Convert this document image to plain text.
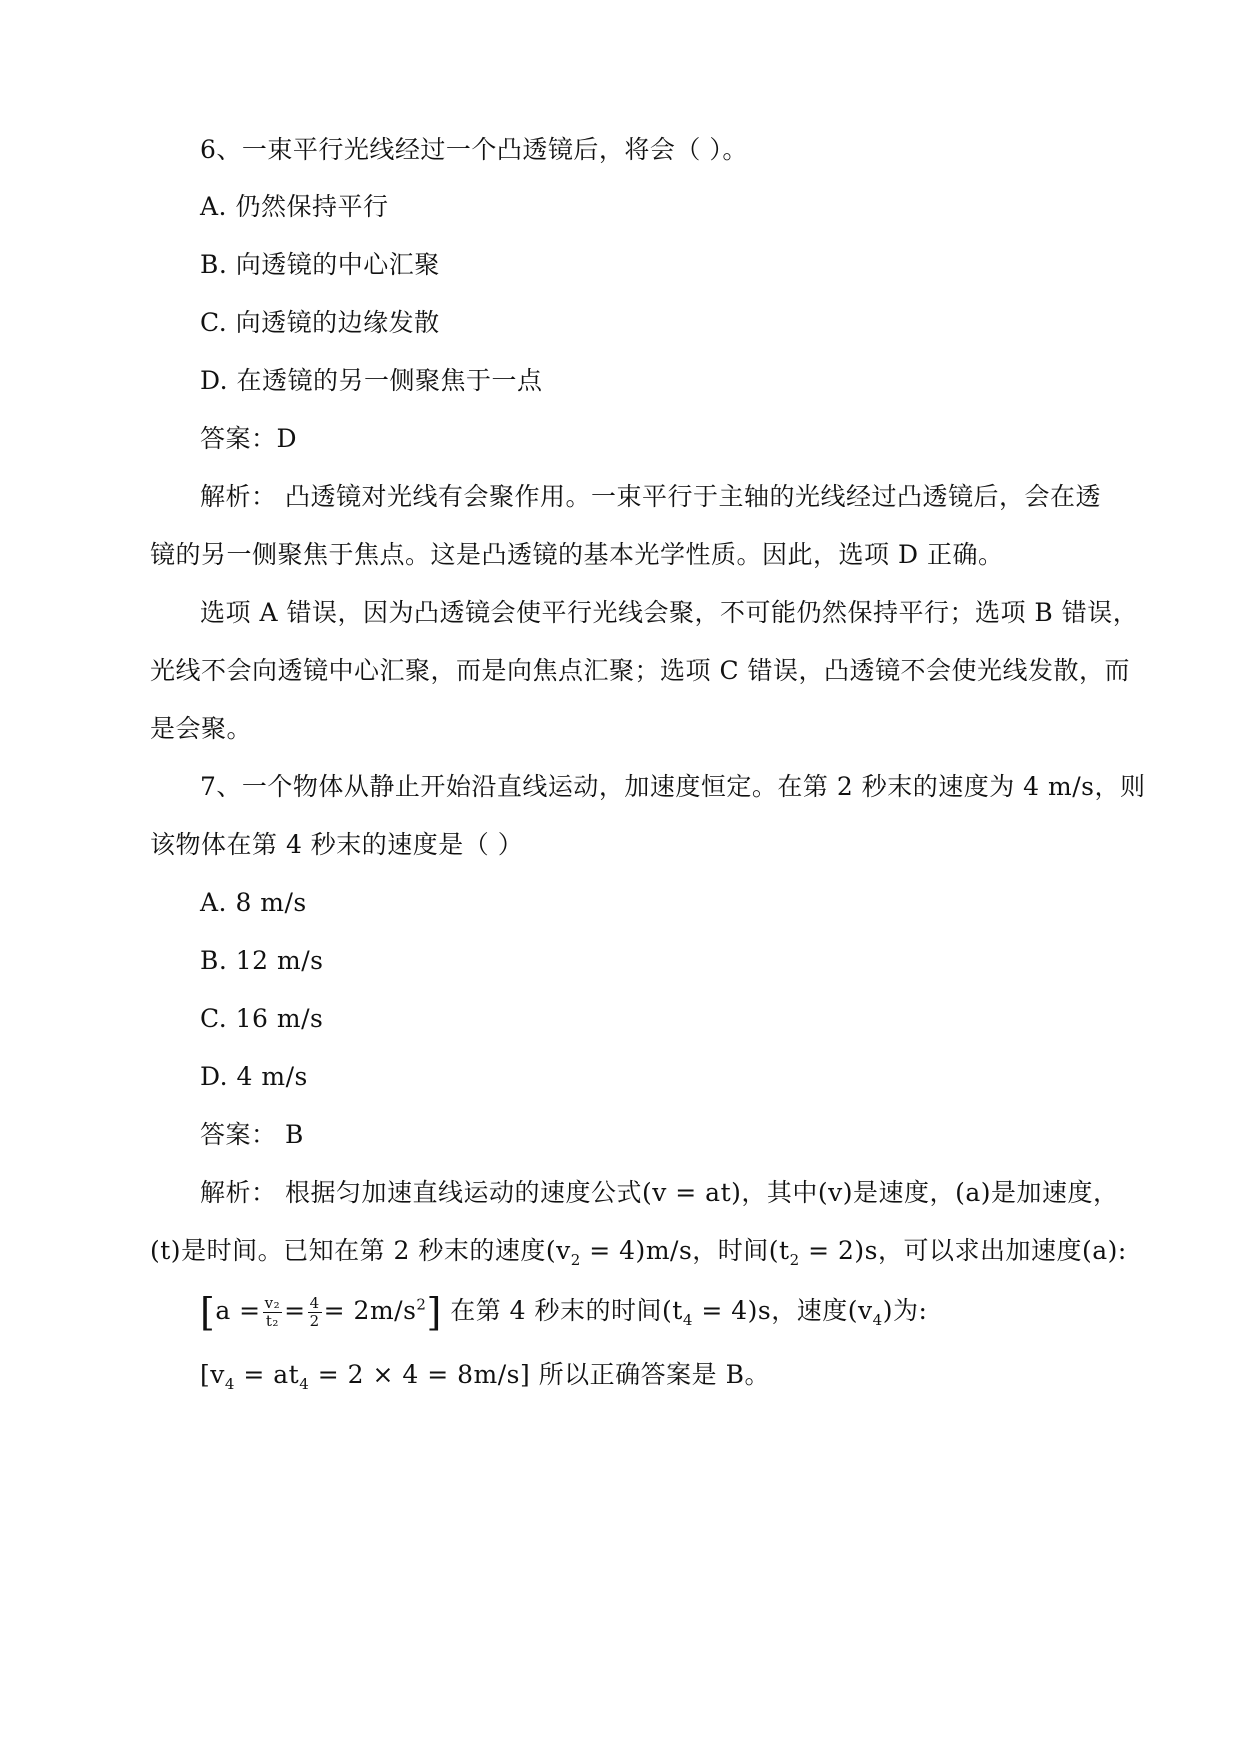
6、一束平行光线经过一个凸透镜后，将会（ ）。
A. 仍然保持平行
B. 向透镜的中心汇聚
C. 向透镜的边缘发散
D. 在透镜的另一侧聚焦于一点
答案：D
解析： 凸透镜对光线有会聚作用。一束平行于主轴的光线经过凸透镜后，会在透
镜的另一侧聚焦于焦点。这是凸透镜的基本光学性质。因此，选项 D 正确。
选项 A 错误，因为凸透镜会使平行光线会聚，不可能仍然保持平行；选项 B 错误，
光线不会向透镜中心汇聚，而是向焦点汇聚；选项 C 错误，凸透镜不会使光线发散，而
是会聚。
7、一个物体从静止开始沿直线运动，加速度恒定。在第 2 秒末的速度为 4 m/s，则
该物体在第 4 秒末的速度是（ ）
A. 8 m/s
B. 12 m/s
C. 16 m/s
D. 4 m/s
答案： B
解析： 根据匀加速直线运动的速度公式(v = at)，其中(v)是速度，(a)是加速度，
(t)是时间。已知在第 2 秒末的速度$(v_2 = 4)m/s$，时间$(t_2 = 2)s$，可以求出加速度(a):
$[a = \frac{\text{v₂}}{\text{t₂}} = \frac{4}{2} = 2m/s^2]$ 在第 4 秒末的时间$(t_4 = 4)s$，速度$(v_4)$为:
$[v_4 = at_4 = 2 \times 4 = 8m/s]$ 所以正确答案是 B。
